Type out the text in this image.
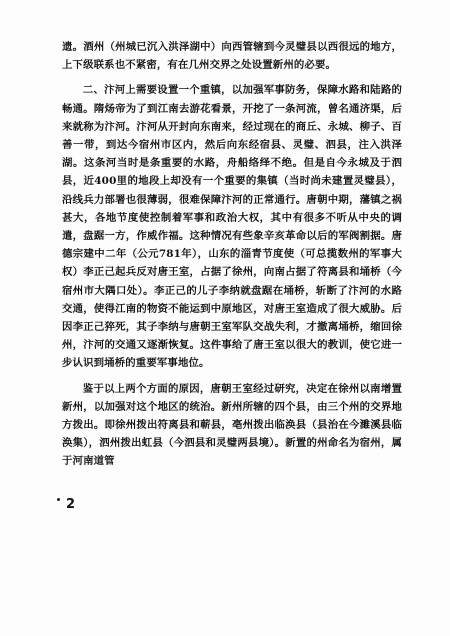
遗。酒州（州城已沉入洪泽湖中）向西管辖到今灵璧县以西很远的地方，上下级联系也不紧密，有在几州交界之处设置新州的必要。

二、汴河上需要设置一个重镇，以加强军事防务，保障水路和陆路的畅通。隋炀帝为了到江南去游花看景，开挖了一条河流，曾名通济渠，后来就称为汴河。汴河从开封向东南来，经过现在的商丘、永城、柳子、百善一带，到达今宿州市区内，然后向东经宿县、灵璧、泗县，注入洪泽湖。这条河当时是条重要的水路，舟船络绎不绝。但是自今永城及于泗县，近400里的地段上却没有一个重要的集镇（当时尚未建置灵璧县），沿线兵力部署也很薄弱，很难保障汴河的正常通行。唐朝中期，藩镇之祸甚大，各地节度使控制着军事和政治大权，其中有很多不听从中央的调遣，盘踞一方，作威作福。这种情况有些象辛亥革命以后的军阀割据。唐德宗建中二年（公元781年），山东的淄青节度使（可总揽数州的军事大权）李正己起兵反对唐王室，占据了徐州，向南占据了符离县和埇桥（今宿州市大隅口处）。李正己的儿子李纳就盘踞在埇桥，斩断了汴河的水路交通，使得江南的物资不能运到中原地区，对唐王室造成了很大威胁。后因李正己猝死，其子李纳与唐朝王室军队交战失利，才撤离埇桥，缩回徐州，汴河的交通又逐渐恢复。这件事给了唐王室以很大的教训，使它进一步认识到埇桥的重要军事地位。

鉴于以上两个方面的原因，唐朝王室经过研究，决定在徐州以南增置新州，以加强对这个地区的统治。新州所辖的四个县，由三个州的交界地方拨出。即徐州拨出符离县和蕲县，亳州拨出临涣县（县治在今濉溪县临涣集），泗州拨出虹县（今泗县和灵璧两县境）。新置的州命名为宿州，属于河南道管

2
